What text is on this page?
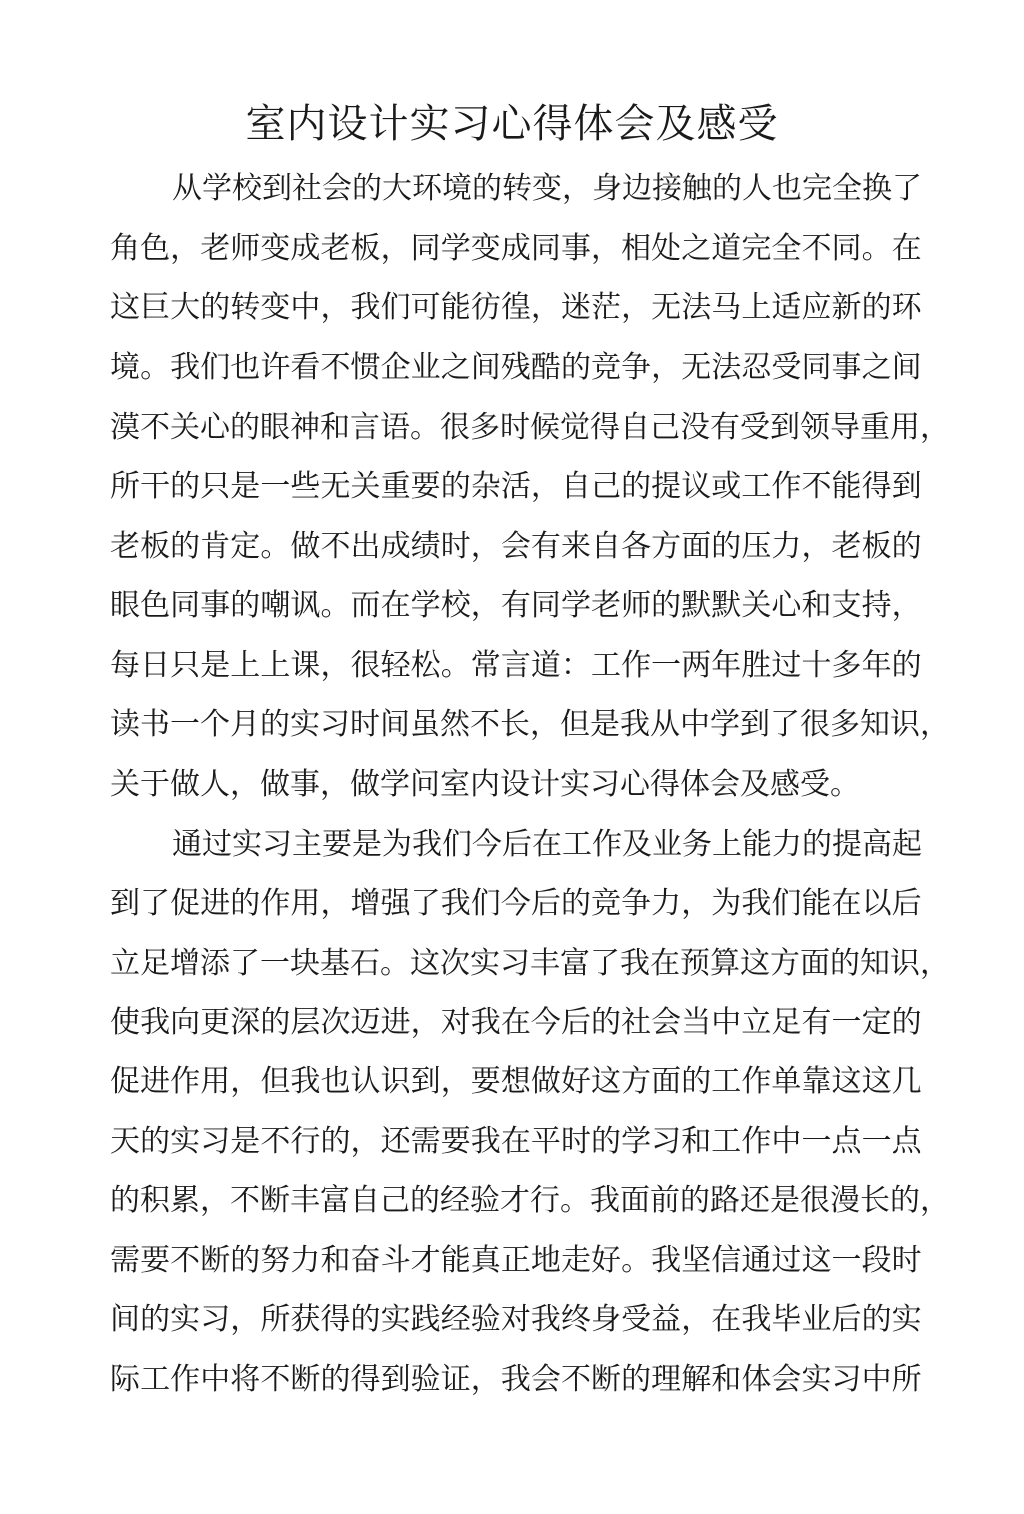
室内设计实习心得体会及感受
从 学 校 到 社 会 的 大 环 境 的 转 变 ， 身 边 接 触 的 人 也 完 全 换 了
角 色 ， 老 师 变 成 老 板 ， 同 学 变 成 同 事 ， 相 处 之 道 完 全 不 同 。 在
这 巨 大 的 转 变 中 ， 我 们 可 能 彷 徨 ， 迷 茫 ， 无 法 马 上 适 应 新 的 环
境 。 我 们 也 许 看 不 惯 企 业 之 间 残 酷 的 竞 争 ， 无 法 忍 受 同 事 之 间
漠 不 关 心 的 眼 神 和 言 语 。 很 多 时 候 觉 得 自 己 没 有 受 到 领 导 重 用 ，
所 干 的 只 是 一 些 无 关 重 要 的 杂 活 ， 自 己 的 提 议 或 工 作 不 能 得 到
老 板 的 肯 定 。 做 不 出 成 绩 时 ， 会 有 来 自 各 方 面 的 压 力 ， 老 板 的
眼 色 同 事 的 嘲 讽 。 而 在 学 校 ， 有 同 学 老 师 的 默 默 关 心 和 支 持 ，
每 日 只 是 上 上 课 ， 很 轻 松 。 常 言 道 ： 工 作 一 两 年 胜 过 十 多 年 的
读 书 一 个 月 的 实 习 时 间 虽 然 不 长 ， 但 是 我 从 中 学 到 了 很 多 知 识 ，
关于做人，做事，做学问室内设计实习心得体会及感受。
通 过 实 习 主 要 是 为 我 们 今 后 在 工 作 及 业 务 上 能 力 的 提 高 起
到 了 促 进 的 作 用 ， 增 强 了 我 们 今 后 的 竞 争 力 ， 为 我 们 能 在 以 后
立 足 增 添 了 一 块 基 石 。 这 次 实 习 丰 富 了 我 在 预 算 这 方 面 的 知 识 ，
使 我 向 更 深 的 层 次 迈 进 ， 对 我 在 今 后 的 社 会 当 中 立 足 有 一 定 的
促 进 作 用 ， 但 我 也 认 识 到 ， 要 想 做 好 这 方 面 的 工 作 单 靠 这 这 几
天 的 实 习 是 不 行 的 ， 还 需 要 我 在 平 时 的 学 习 和 工 作 中 一 点 一 点
的 积 累 ， 不 断 丰 富 自 己 的 经 验 才 行 。 我 面 前 的 路 还 是 很 漫 长 的 ，
需 要 不 断 的 努 力 和 奋 斗 才 能 真 正 地 走 好 。 我 坚 信 通 过 这 一 段 时
间 的 实 习 ， 所 获 得 的 实 践 经 验 对 我 终 身 受 益 ， 在 我 毕 业 后 的 实
际 工 作 中 将 不 断 的 得 到 验 证 ， 我 会 不 断 的 理 解 和 体 会 实 习 中 所
